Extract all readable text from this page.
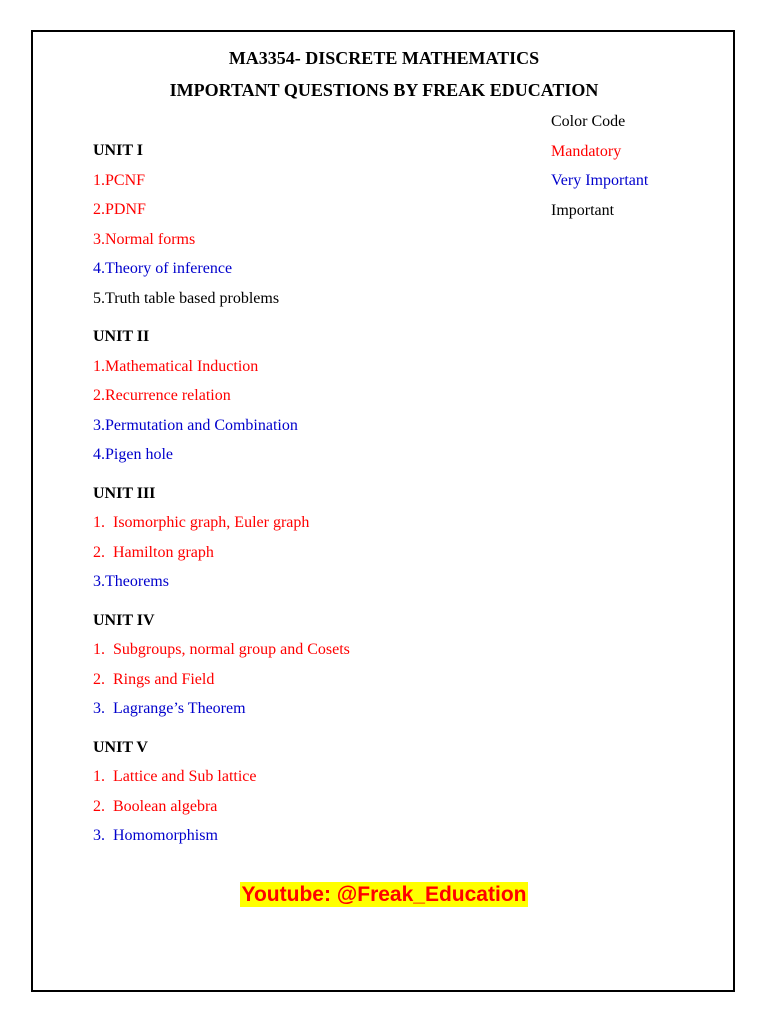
MA3354- DISCRETE MATHEMATICS
IMPORTANT QUESTIONS BY FREAK EDUCATION
Color Code
Mandatory
Very Important
Important
UNIT I
1.PCNF
2.PDNF
3.Normal forms
4.Theory of inference
5.Truth table based problems
UNIT II
1.Mathematical Induction
2.Recurrence relation
3.Permutation and Combination
4.Pigen hole
UNIT III
1.  Isomorphic graph, Euler graph
2.  Hamilton graph
3.Theorems
UNIT IV
1.  Subgroups, normal group and Cosets
2.  Rings and Field
3.  Lagrange’s Theorem
UNIT V
1.  Lattice and Sub lattice
2.  Boolean algebra
3.  Homomorphism
Youtube: @Freak_Education
